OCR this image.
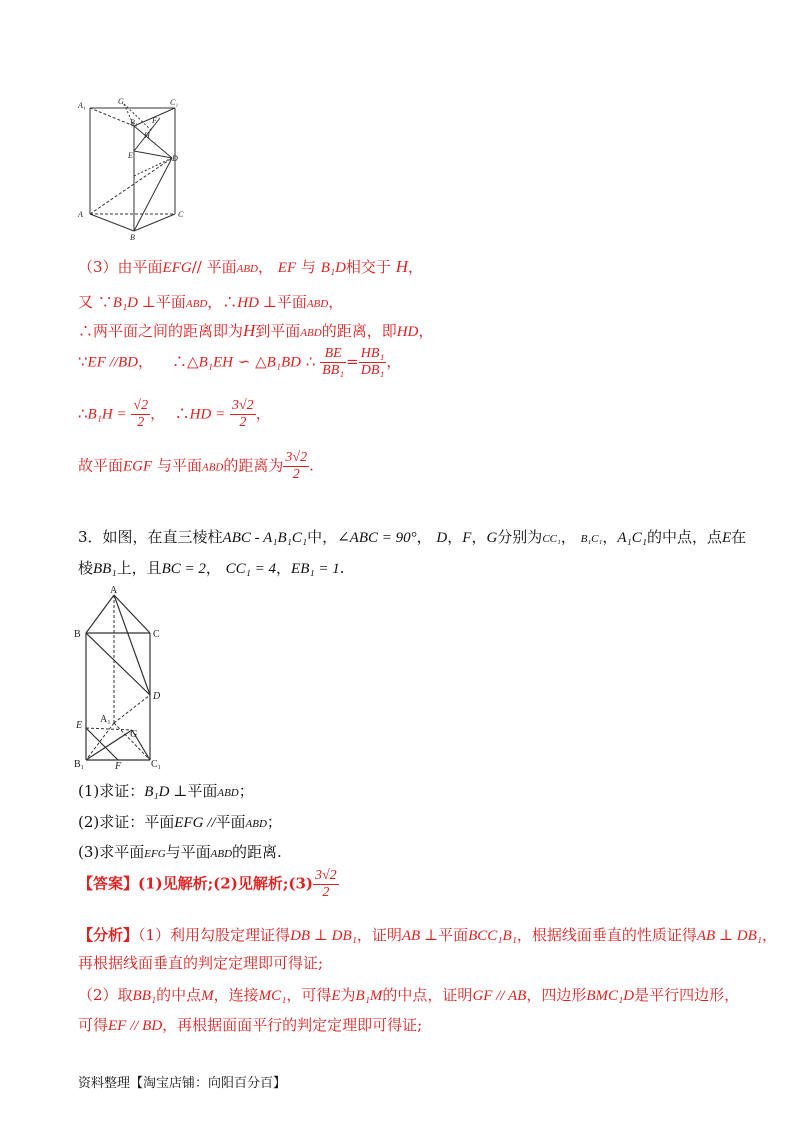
A₁	G	C₁
B₁ F
H
E	D
A
B
C
（3）由平面EFG// 平面ABD， EF 与 B₁D相交于 H，
又 ∵B₁D ⊥平面ABD，∴HD ⊥平面ABD，
∴两平面之间的距离即为H到平面ABD的距离，即HD，
∵EF //BD，    ∴△B₁EH ∽ △B₁BD ∴ $\frac{BE}{\text{BB₁}} = \frac{\text{HB₁}}{\text{DB₁}}$ ，
∴B₁H = $\frac{√2}{2}$ ，  ∴HD = $\frac{3√2}{2}$ ，
故平面EGF 与平面ABD的距离为 $\frac{3√2}{2}$ .
3．如图，在直三棱柱ABC - A₁B₁C₁中，∠ABC = 90°， D，F，G分别为CC₁， B₁C₁，A₁C₁的中点，点E在
棱BB₁上，且BC = 2， CC₁ = 4，EB₁ = 1.
A
B	C
D
E
A₁
G
B₁	F	C₁
(1)求证：B₁D ⊥平面ABD；
(2)求证：平面EFG //平面ABD；
(3)求平面EFG与平面ABD的距离.
【答案】(1)见解析;(2)见解析;(3) $\frac{3√2}{2}$
【分析】（1）利用勾股定理证得DB ⊥ DB₁，证明AB ⊥平面BCC₁B₁，根据线面垂直的性质证得AB ⊥ DB₁，
再根据线面垂直的判定定理即可得证;
（2）取BB₁的中点M，连接MC₁，可得E为B₁M的中点，证明GF // AB，四边形BMC₁D是平行四边形，
可得EF // BD，再根据面面平行的判定定理即可得证;
资料整理【淘宝店铺：向阳百分百】
